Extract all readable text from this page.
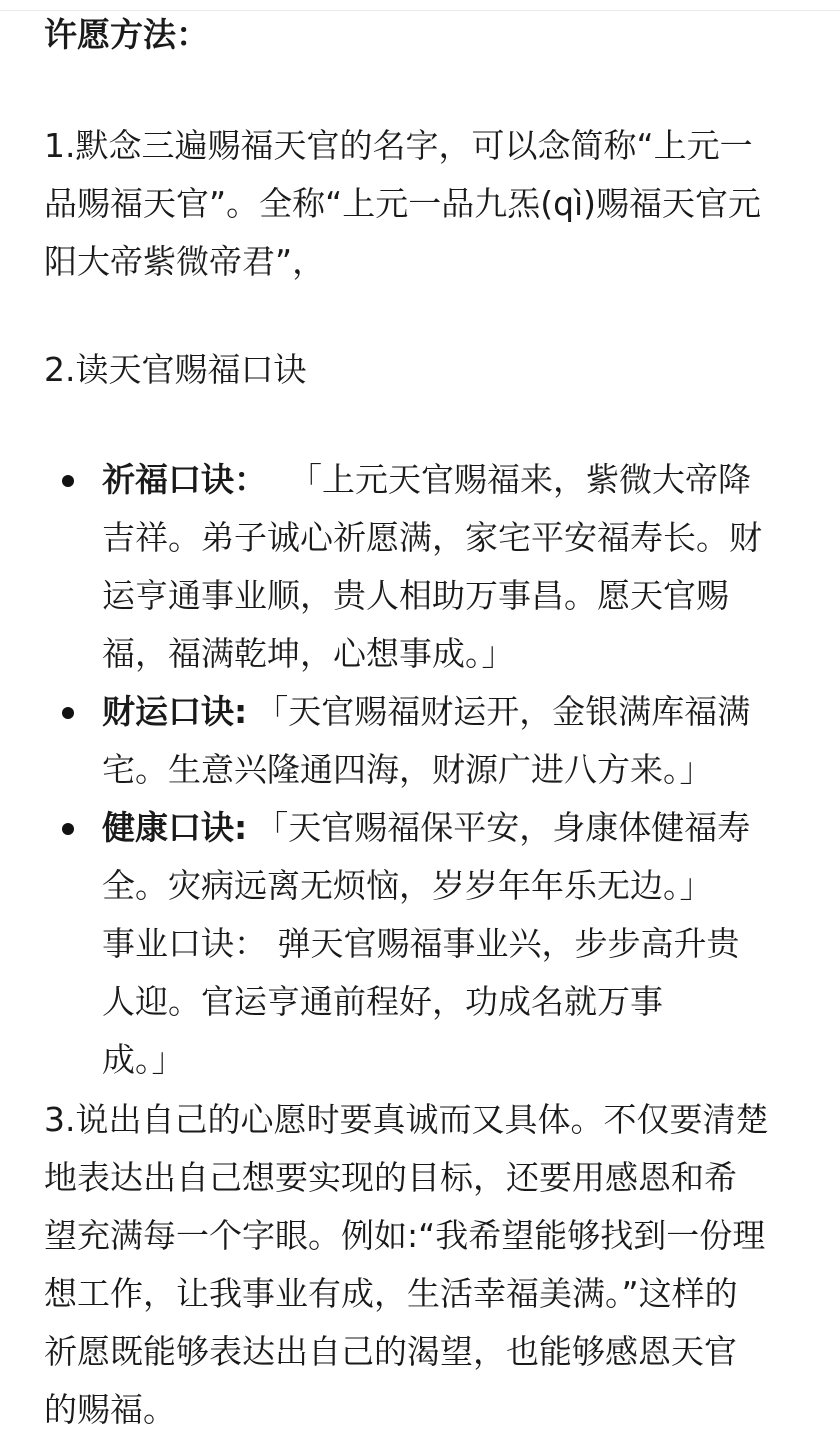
许愿方法：

1.默念三遍赐福天官的名字，可以念简称“上元一
品赐福天官”。全称“上元一品九炁(qì)赐福天官元
阳大帝紫微帝君”，

2.读天官赐福口诀

祈福口诀： 「上元天官赐福来，紫微大帝降
吉祥。弟子诚心祈愿满，家宅平安福寿长。财
运亨通事业顺，贵人相助万事昌。愿天官赐
福，福满乾坤，心想事成。」
财运口诀: 「天官赐福财运开，金银满库福满
宅。生意兴隆通四海，财源广进八方来。」
健康口诀: 「天官赐福保平安，身康体健福寿
全。灾病远离无烦恼，岁岁年年乐无边。」
事业口诀： 弹天官赐福事业兴，步步高升贵
人迎。官运亨通前程好，功成名就万事
成。」

3.说出自己的心愿时要真诚而又具体。不仅要清楚
地表达出自己想要实现的目标，还要用感恩和希
望充满每一个字眼。例如:“我希望能够找到一份理
想工作，让我事业有成，生活幸福美满。”这样的
祈愿既能够表达出自己的渴望，也能够感恩天官
的赐福。
